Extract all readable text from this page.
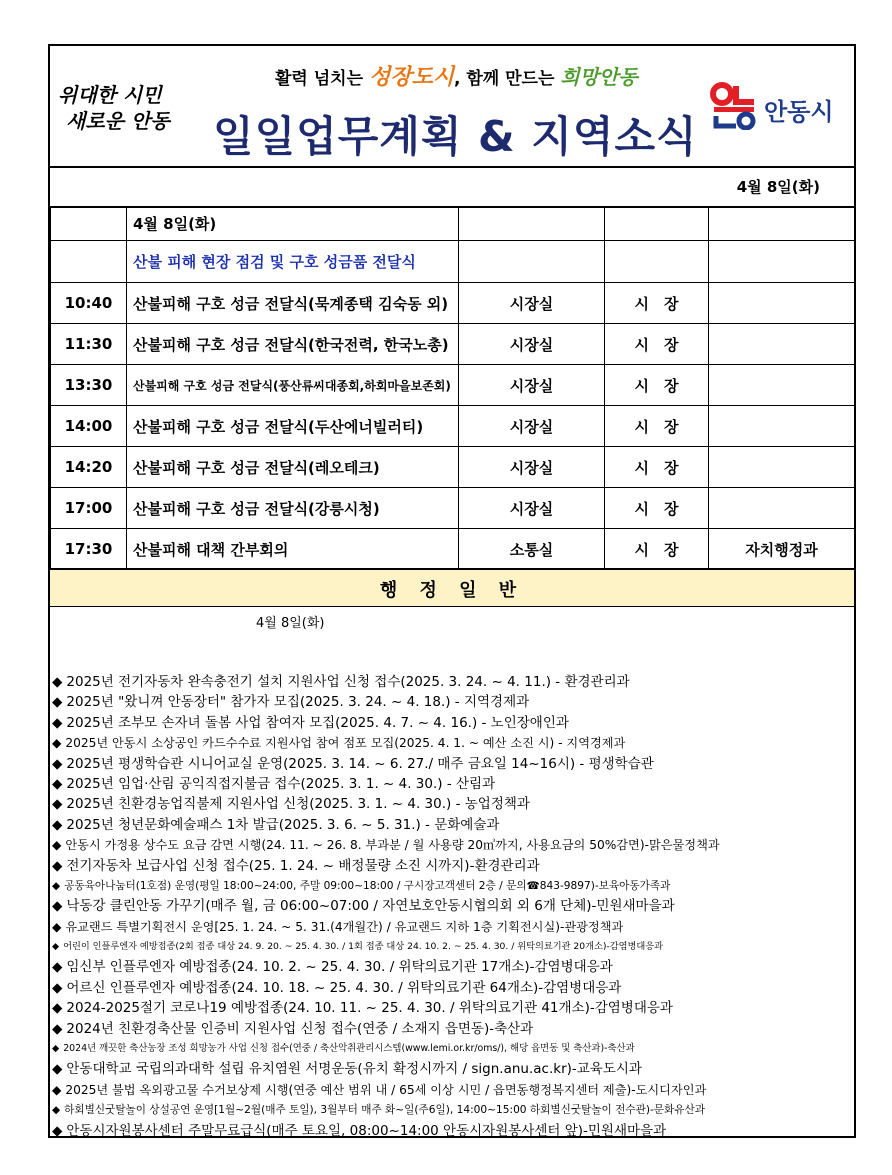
위대한 시민
새로운 안동
활력 넘치는 성장도시, 함께 만드는 희망안동
일일업무계획 & 지역소식	안동시
4월 8일(화)
	4월 8일(화)			
	산불 피해 현장 점검 및 구호 성금품 전달식			
10:40	산불피해 구호 성금 전달식(묵계종택 김숙동 외)	시장실	시　장	
11:30	산불피해 구호 성금 전달식(한국전력, 한국노총)	시장실	시　장	
13:30	산불피해 구호 성금 전달식(풍산류씨대종회,하회마을보존회)	시장실	시　장	
14:00	산불피해 구호 성금 전달식(두산에너빌러티)	시장실	시　장	
14:20	산불피해 구호 성금 전달식(레오테크)	시장실	시　장	
17:00	산불피해 구호 성금 전달식(강릉시청)	시장실	시　장	
17:30	산불피해 대책 간부회의	소통실	시　장	자치행정과
행 정 일 반
4월 8일(화)
◆ 2025년 전기자동차 완속충전기 설치 지원사업 신청 접수(2025. 3. 24. ~ 4. 11.) - 환경관리과
◆ 2025년 "왔니껴 안동장터" 참가자 모집(2025. 3. 24. ~ 4. 18.) - 지역경제과
◆ 2025년 조부모 손자녀 돌봄 사업 참여자 모집(2025. 4. 7. ~ 4. 16.) - 노인장애인과
◆ 2025년 안동시 소상공인 카드수수료 지원사업 참여 점포 모집(2025. 4. 1. ~ 예산 소진 시) - 지역경제과
◆ 2025년 평생학습관 시니어교실 운영(2025. 3. 14. ~ 6. 27./ 매주 금요일 14~16시) - 평생학습관
◆ 2025년 임업·산림 공익직접지불금 접수(2025. 3. 1. ~ 4. 30.) - 산림과
◆ 2025년 친환경농업직불제 지원사업 신청(2025. 3. 1. ~ 4. 30.) - 농업정책과
◆ 2025년 청년문화예술패스 1차 발급(2025. 3. 6. ~ 5. 31.) - 문화예술과
◆ 안동시 가정용 상수도 요금 감면 시행(24. 11. ~ 26. 8. 부과분 / 월 사용량 20㎥까지, 사용요금의 50%감면)-맑은물정책과
◆ 전기자동차 보급사업 신청 접수(25. 1. 24. ~ 배정물량 소진 시까지)-환경관리과
◆ 공동육아나눔터(1호점) 운영(평일 18:00~24:00, 주말 09:00~18:00 / 구시장고객센터 2층 / 문의☎843-9897)-보육아동가족과
◆ 낙동강 클린안동 가꾸기(매주 월, 금 06:00~07:00 / 자연보호안동시협의회 외 6개 단체)-민원새마을과
◆ 유교랜드 특별기획전시 운영[25. 1. 24. ~ 5. 31.(4개월간) / 유교랜드 지하 1층 기획전시실)-관광정책과
◆ 어린이 인플루엔자 예방접종(2회 접종 대상 24. 9. 20. ~ 25. 4. 30. / 1회 접종 대상 24. 10. 2. ~ 25. 4. 30. / 위탁의료기관 20개소)-감염병대응과
◆ 임신부 인플루엔자 예방접종(24. 10. 2. ~ 25. 4. 30. / 위탁의료기관 17개소)-감염병대응과
◆ 어르신 인플루엔자 예방접종(24. 10. 18. ~ 25. 4. 30. / 위탁의료기관 64개소)-감염병대응과
◆ 2024-2025절기 코로나19 예방접종(24. 10. 11. ~ 25. 4. 30. / 위탁의료기관 41개소)-감염병대응과
◆ 2024년 친환경축산물 인증비 지원사업 신청 접수(연중 / 소재지 읍면동)-축산과
◆ 2024년 깨끗한 축산농장 조성 희망농가 사업 신청 접수(연중 / 축산악취관리시스템(www.lemi.or.kr/oms/), 해당 읍면동 및 축산과)-축산과
◆ 안동대학교 국립의과대학 설립 유치염원 서명운동(유치 확정시까지 / sign.anu.ac.kr)-교육도시과
◆ 2025년 불법 옥외광고물 수거보상제 시행(연중 예산 범위 내 / 65세 이상 시민 / 읍면동행정복지센터 제출)-도시디자인과
◆ 하회별신굿탈놀이 상설공연 운영[1월~2월(매주 토일), 3월부터 매주 화~일(주6일), 14:00~15:00 하회별신굿탈놀이 전수관)-문화유산과
◆ 안동시자원봉사센터 주말무료급식(매주 토요일, 08:00~14:00 안동시자원봉사센터 앞)-민원새마을과
